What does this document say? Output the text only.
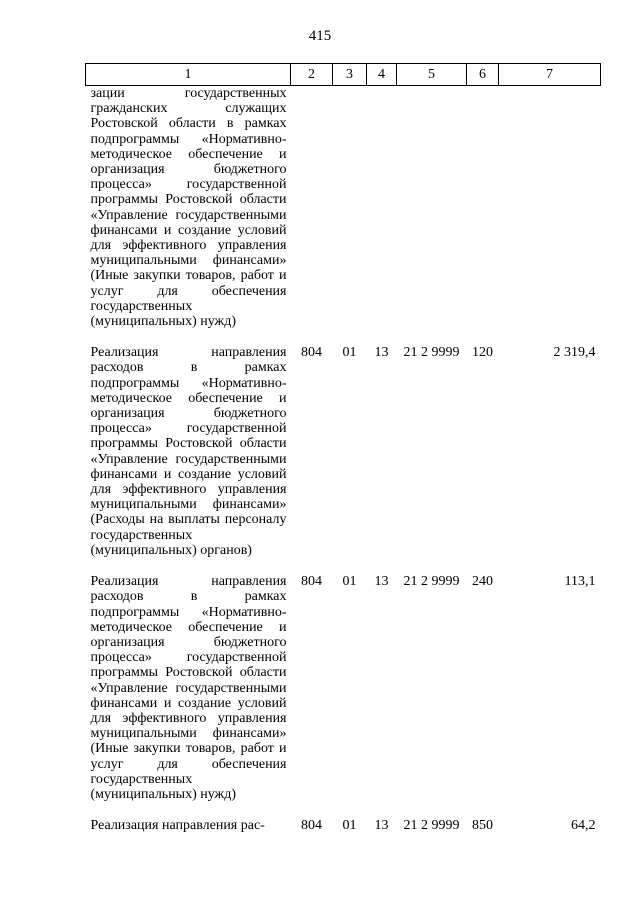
415
1	2	3	4	5	6	7
зации государственных гражданских служащих Ростовской области в рамках подпрограммы «Нормативно-методическое обеспечение и организация бюджетного процесса» государственной программы Ростовской области «Управление государственными финансами и создание условий для эффективного управления муниципальными финансами» (Иные закупки товаров, работ и услуг для обеспечения государственных (муниципальных) нужд)						
Реализация направления расходов в рамках подпрограммы «Нормативно-методическое обеспечение и организация бюджетного процесса» государственной программы Ростовской области «Управление государственными финансами и создание условий для эффективного управления муниципальными финансами» (Расходы на выплаты персоналу государственных (муниципальных) органов)	804	01	13	21 2 9999	120	2 319,4
Реализация направления расходов в рамках подпрограммы «Нормативно-методическое обеспечение и организация бюджетного процесса» государственной программы Ростовской области «Управление государственными финансами и создание условий для эффективного управления муниципальными финансами» (Иные закупки товаров, работ и услуг для обеспечения государственных (муниципальных) нужд)	804	01	13	21 2 9999	240	113,1
Реализация направления рас-	804	01	13	21 2 9999	850	64,2
